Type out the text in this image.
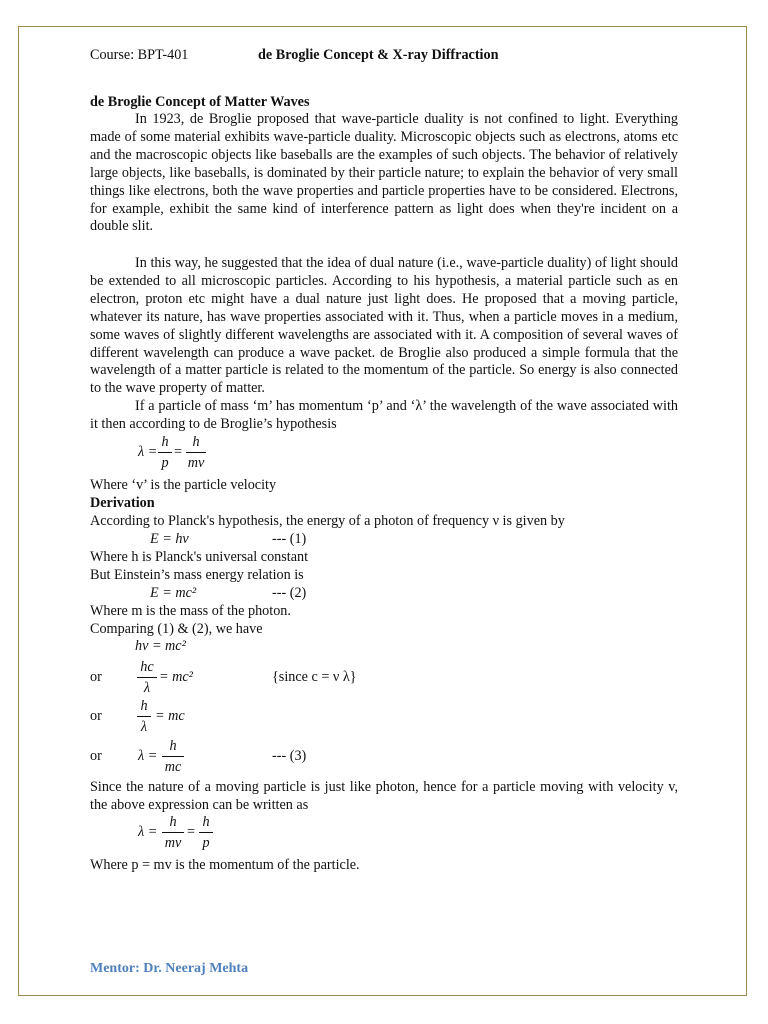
Course: BPT-401	de Broglie Concept & X-ray Diffraction
de Broglie Concept of Matter Waves

In 1923, de Broglie proposed that wave-particle duality is not confined to light. Everything made of some material exhibits wave-particle duality. Microscopic objects such as electrons, atoms etc and the macroscopic objects like baseballs are the examples of such objects. The behavior of relatively large objects, like baseballs, is dominated by their particle nature; to explain the behavior of very small things like electrons, both the wave properties and particle properties have to be considered. Electrons, for example, exhibit the same kind of interference pattern as light does when they're incident on a double slit.

In this way, he suggested that the idea of dual nature (i.e., wave-particle duality) of light should be extended to all microscopic particles. According to his hypothesis, a material particle such as en electron, proton etc might have a dual nature just light does. He proposed that a moving particle, whatever its nature, has wave properties associated with it. Thus, when a particle moves in a medium, some waves of slightly different wavelengths are associated with it. A composition of several waves of different wavelength can produce a wave packet. de Broglie also produced a simple formula that the wavelength of a matter particle is related to the momentum of the particle. So energy is also connected to the wave property of matter.

If a particle of mass ‘m’ has momentum ‘p’ and ‘λ’ the wavelength of the wave associated with it then according to de Broglie’s hypothesis

λ =
h
p
=
h
mv
Where ‘v’ is the particle velocity
Derivation
According to Planck's hypothesis, the energy of a photon of frequency ν is given by
E = hν	--- (1)
Where h is Planck's universal constant
But Einstein’s mass energy relation is
E = mc²	--- (2)
Where m is the mass of the photon.
Comparing (1) & (2), we have
hν = mc²
or
hc
λ
= mc²	{since c = ν λ}
or
h
λ
= mc
or	λ =
h
mc
--- (3)

Since the nature of a moving particle is just like photon, hence for a particle moving with velocity v, the above expression can be written as

λ =
h
mv
=
h
p
Where p = mv is the momentum of the particle.
Mentor: Dr. Neeraj Mehta
